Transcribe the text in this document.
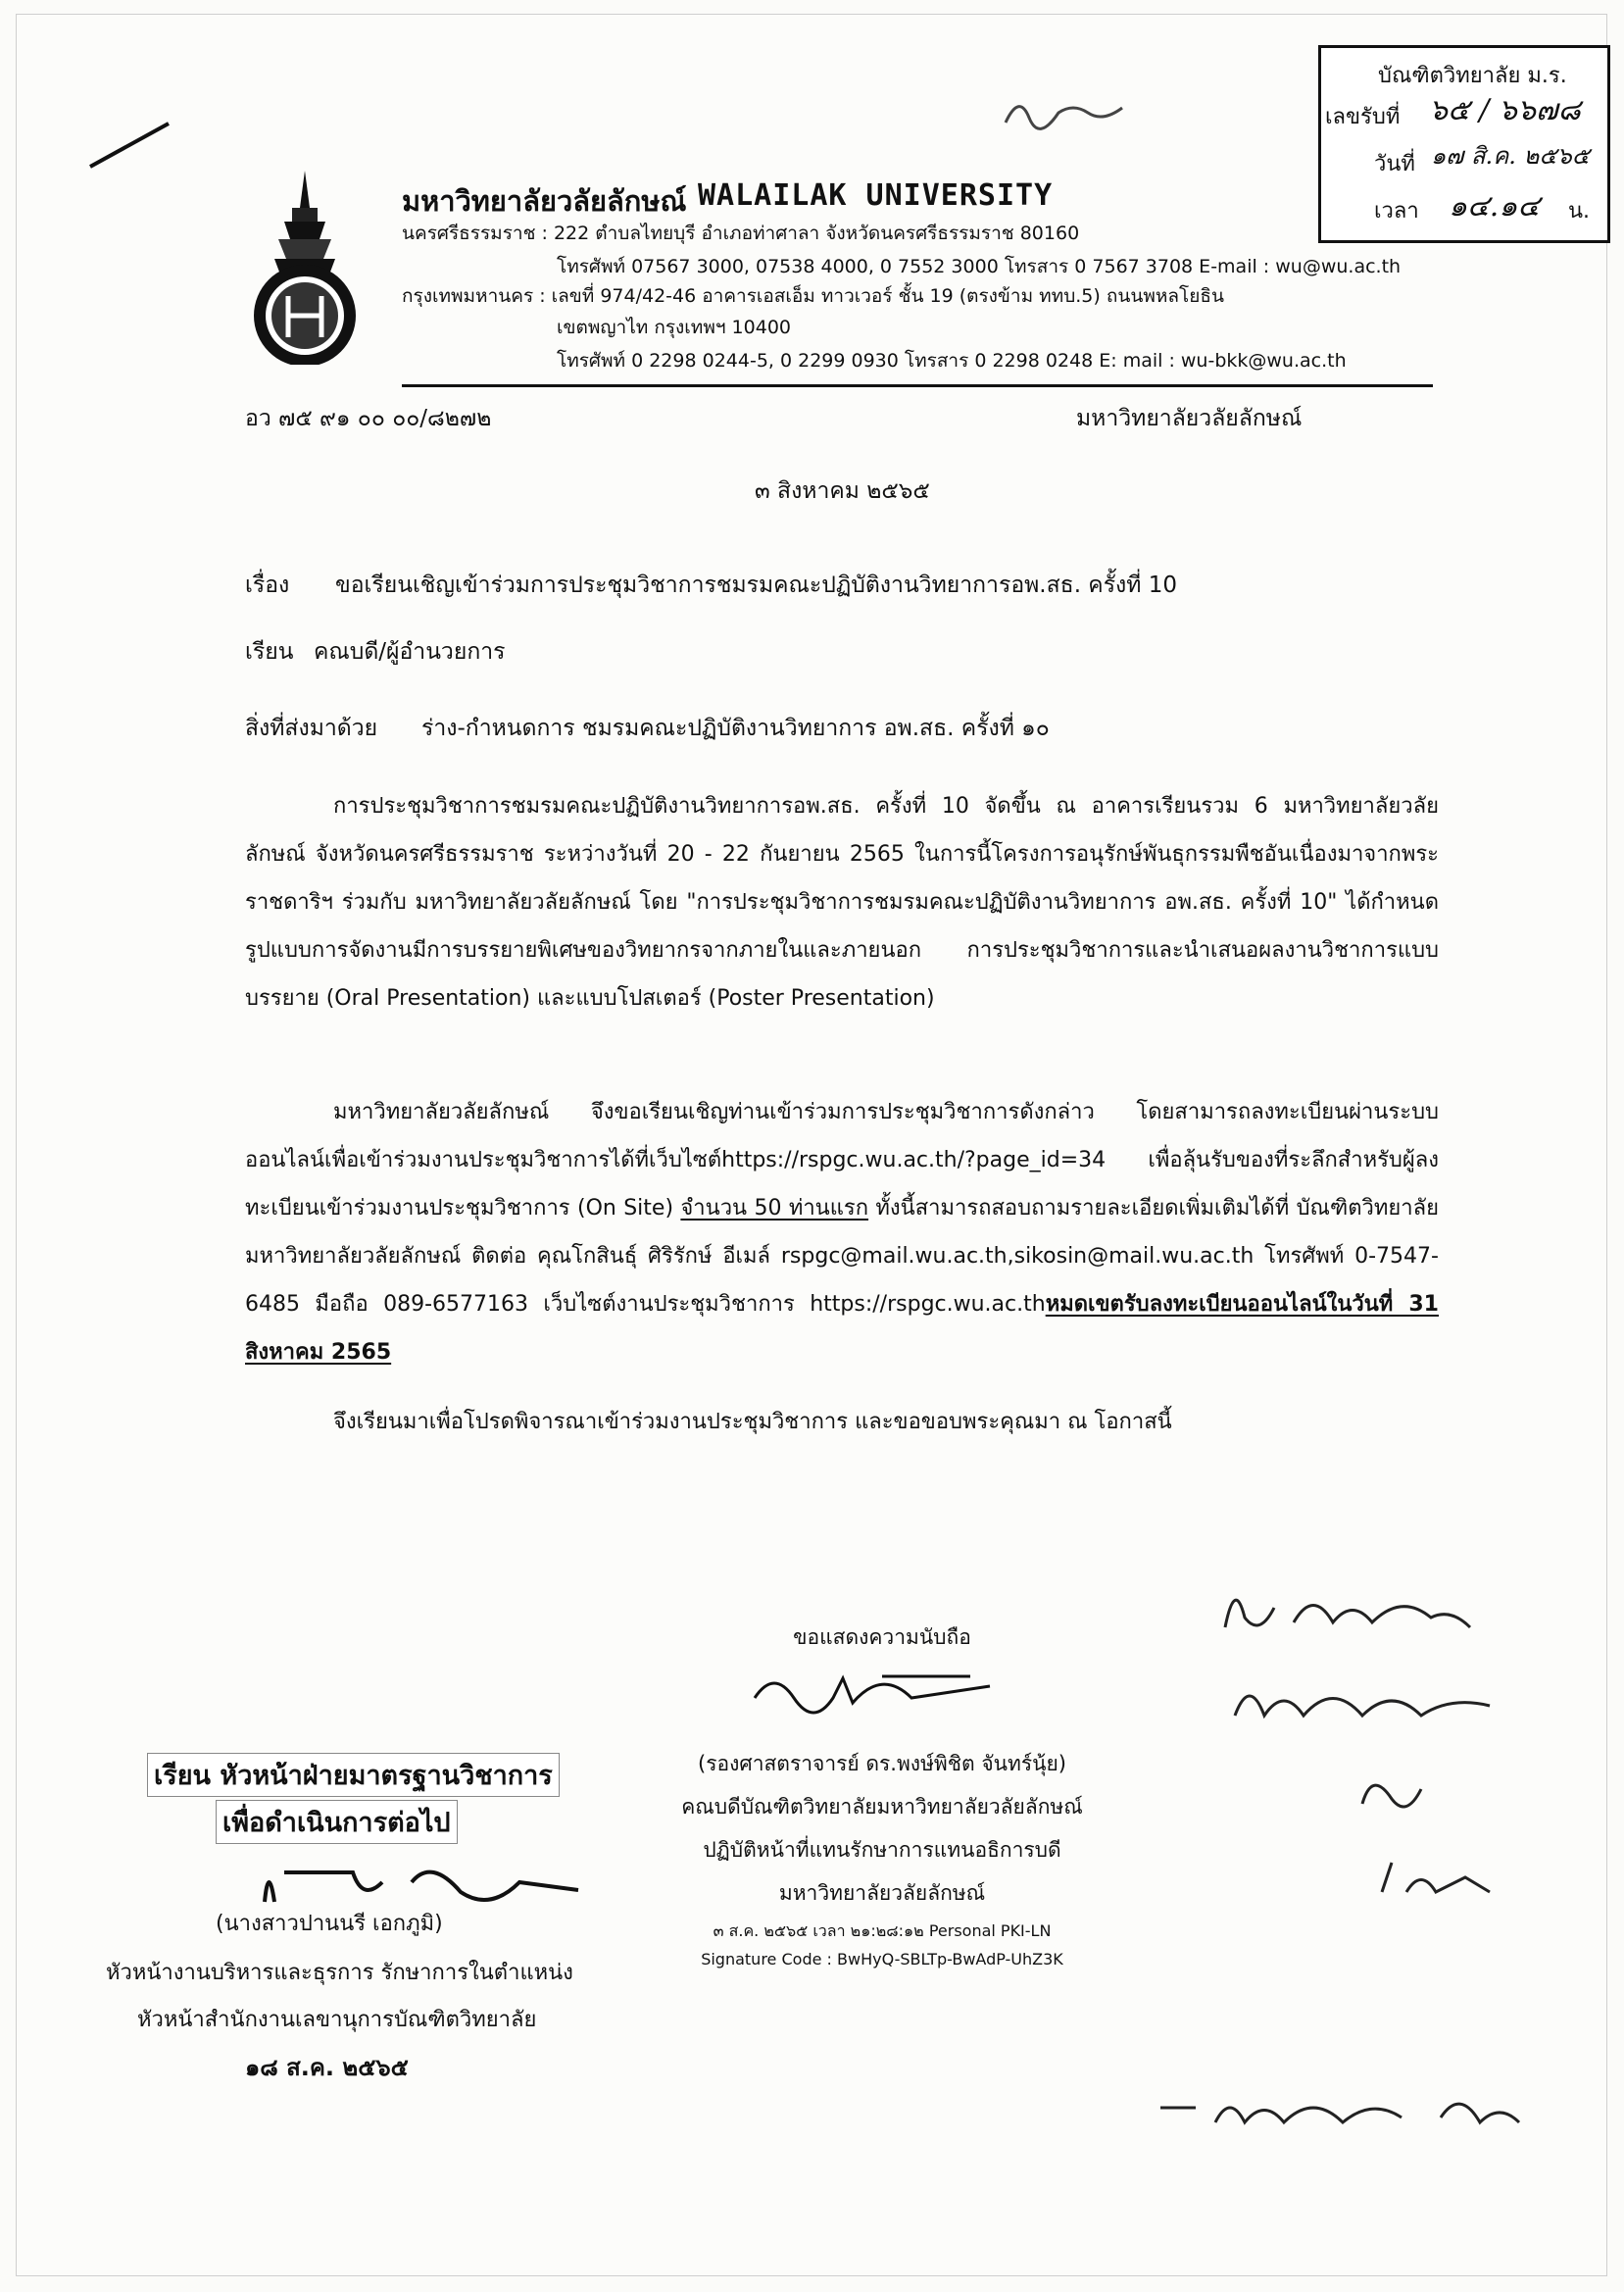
บัณฑิตวิทยาลัย ม.ร.
เลขรับที่ ๖๕ / ๖๖๗๘
วันที่ ๑๗ สิ.ค. ๒๕๖๕
เวลา ๑๔.๑๔ น.
มหาวิทยาลัยวลัยลักษณ์ WALAILAK UNIVERSITY
นครศรีธรรมราช : 222 ตำบลไทยบุรี อำเภอท่าศาลา จังหวัดนครศรีธรรมราช 80160
โทรศัพท์ 07567 3000, 07538 4000, 0 7552 3000 โทรสาร 0 7567 3708 E-mail : wu@wu.ac.th
กรุงเทพมหานคร : เลขที่ 974/42-46 อาคารเอสเอ็ม ทาวเวอร์ ชั้น 19 (ตรงข้าม ททบ.5) ถนนพหลโยธิน
เขตพญาไท กรุงเทพฯ 10400
โทรศัพท์ 0 2298 0244-5, 0 2299 0930 โทรสาร 0 2298 0248 E: mail : wu-bkk@wu.ac.th
อว ๗๕ ๙๑ ๐๐ ๐๐/๘๒๗๒	มหาวิทยาลัยวลัยลักษณ์
๓ สิงหาคม ๒๕๖๕
เรื่อง ขอเรียนเชิญเข้าร่วมการประชุมวิชาการชมรมคณะปฏิบัติงานวิทยาการอพ.สธ. ครั้งที่ 10
เรียน คณบดี/ผู้อำนวยการ
สิ่งที่ส่งมาด้วย ร่าง-กำหนดการ ชมรมคณะปฏิบัติงานวิทยาการ อพ.สธ. ครั้งที่ ๑๐
การประชุมวิชาการชมรมคณะปฏิบัติงานวิทยาการอพ.สธ. ครั้งที่ 10 จัดขึ้น ณ อาคารเรียนรวม 6 มหาวิทยาลัยวลัยลักษณ์ จังหวัดนครศรีธรรมราช ระหว่างวันที่ 20 - 22 กันยายน 2565 ในการนี้โครงการอนุรักษ์พันธุกรรมพืชอันเนื่องมาจากพระราชดาริฯ ร่วมกับ มหาวิทยาลัยวลัยลักษณ์ โดย "การประชุมวิชาการชมรมคณะปฏิบัติงานวิทยาการ อพ.สธ. ครั้งที่ 10" ได้กำหนดรูปแบบการจัดงานมีการบรรยายพิเศษของวิทยากรจากภายในและภายนอก การประชุมวิชาการและนำเสนอผลงานวิชาการแบบบรรยาย (Oral Presentation) และแบบโปสเตอร์ (Poster Presentation)
มหาวิทยาลัยวลัยลักษณ์ จึงขอเรียนเชิญท่านเข้าร่วมการประชุมวิชาการดังกล่าว โดยสามารถลงทะเบียนผ่านระบบออนไลน์เพื่อเข้าร่วมงานประชุมวิชาการได้ที่เว็บไซต์https://rspgc.wu.ac.th/?page_id=34 เพื่อลุ้นรับของที่ระลึกสำหรับผู้ลงทะเบียนเข้าร่วมงานประชุมวิชาการ (On Site) จำนวน 50 ท่านแรก ทั้งนี้สามารถสอบถามรายละเอียดเพิ่มเติมได้ที่ บัณฑิตวิทยาลัยมหาวิทยาลัยวลัยลักษณ์ ติดต่อ คุณโกสินธุ์ ศิริรักษ์ อีเมล์ rspgc@mail.wu.ac.th,sikosin@mail.wu.ac.th โทรศัพท์ 0-7547-6485 มือถือ 089-6577163 เว็บไซต์งานประชุมวิชาการ https://rspgc.wu.ac.thหมดเขตรับลงทะเบียนออนไลน์ในวันที่ 31 สิงหาคม 2565
จึงเรียนมาเพื่อโปรดพิจารณาเข้าร่วมงานประชุมวิชาการ และขอขอบพระคุณมา ณ โอกาสนี้
ขอแสดงความนับถือ
(รองศาสตราจารย์ ดร.พงษ์พิชิต จันทร์นุ้ย)
คณบดีบัณฑิตวิทยาลัยมหาวิทยาลัยวลัยลักษณ์
ปฏิบัติหน้าที่แทนรักษาการแทนอธิการบดี
มหาวิทยาลัยวลัยลักษณ์
๓ ส.ค. ๒๕๖๕ เวลา ๒๑:๒๘:๑๒ Personal PKI-LN
Signature Code : BwHyQ-SBLTp-BwAdP-UhZ3K
เรียน หัวหน้าฝ่ายมาตรฐานวิชาการ
เพื่อดำเนินการต่อไป
(นางสาวปานนรี เอกภูมิ)
หัวหน้างานบริหารและธุรการ รักษาการในตำแหน่ง
หัวหน้าสำนักงานเลขานุการบัณฑิตวิทยาลัย
๑๘ ส.ค. ๒๕๖๕
